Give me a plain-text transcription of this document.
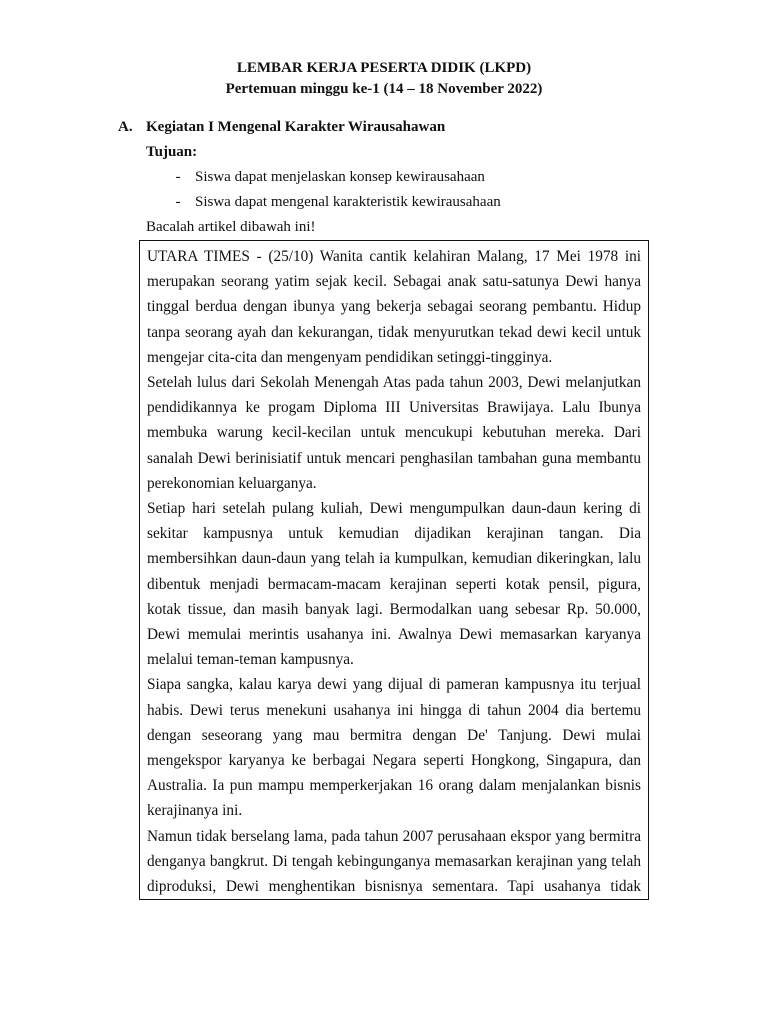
LEMBAR KERJA PESERTA DIDIK (LKPD)
Pertemuan minggu ke-1 (14 – 18 November 2022)
A. Kegiatan I Mengenal Karakter Wirausahawan
Tujuan:
- Siswa dapat menjelaskan konsep kewirausahaan
- Siswa dapat mengenal karakteristik kewirausahaan
Bacalah artikel dibawah ini!

UTARA TIMES - (25/10) Wanita cantik kelahiran Malang, 17 Mei 1978 ini merupakan seorang yatim sejak kecil. Sebagai anak satu-satunya Dewi hanya tinggal berdua dengan ibunya yang bekerja sebagai seorang pembantu. Hidup tanpa seorang ayah dan kekurangan, tidak menyurutkan tekad dewi kecil untuk mengejar cita-cita dan mengenyam pendidikan setinggi-tingginya.

Setelah lulus dari Sekolah Menengah Atas pada tahun 2003, Dewi melanjutkan pendidikannya ke progam Diploma III Universitas Brawijaya. Lalu Ibunya membuka warung kecil-kecilan untuk mencukupi kebutuhan mereka. Dari sanalah Dewi berinisiatif untuk mencari penghasilan tambahan guna membantu perekonomian keluarganya.

Setiap hari setelah pulang kuliah, Dewi mengumpulkan daun-daun kering di sekitar kampusnya untuk kemudian dijadikan kerajinan tangan. Dia membersihkan daun-daun yang telah ia kumpulkan, kemudian dikeringkan, lalu dibentuk menjadi bermacam-macam kerajinan seperti kotak pensil, pigura, kotak tissue, dan masih banyak lagi. Bermodalkan uang sebesar Rp. 50.000, Dewi memulai merintis usahanya ini. Awalnya Dewi memasarkan karyanya melalui teman-teman kampusnya.

Siapa sangka, kalau karya dewi yang dijual di pameran kampusnya itu terjual habis. Dewi terus menekuni usahanya ini hingga di tahun 2004 dia bertemu dengan seseorang yang mau bermitra dengan De' Tanjung. Dewi mulai mengekspor karyanya ke berbagai Negara seperti Hongkong, Singapura, dan Australia. Ia pun mampu memperkerjakan 16 orang dalam menjalankan bisnis kerajinanya ini.

Namun tidak berselang lama, pada tahun 2007 perusahaan ekspor yang bermitra denganya bangkrut. Di tengah kebingunganya memasarkan kerajinan yang telah diproduksi, Dewi menghentikan bisnisnya sementara. Tapi usahanya tidak
